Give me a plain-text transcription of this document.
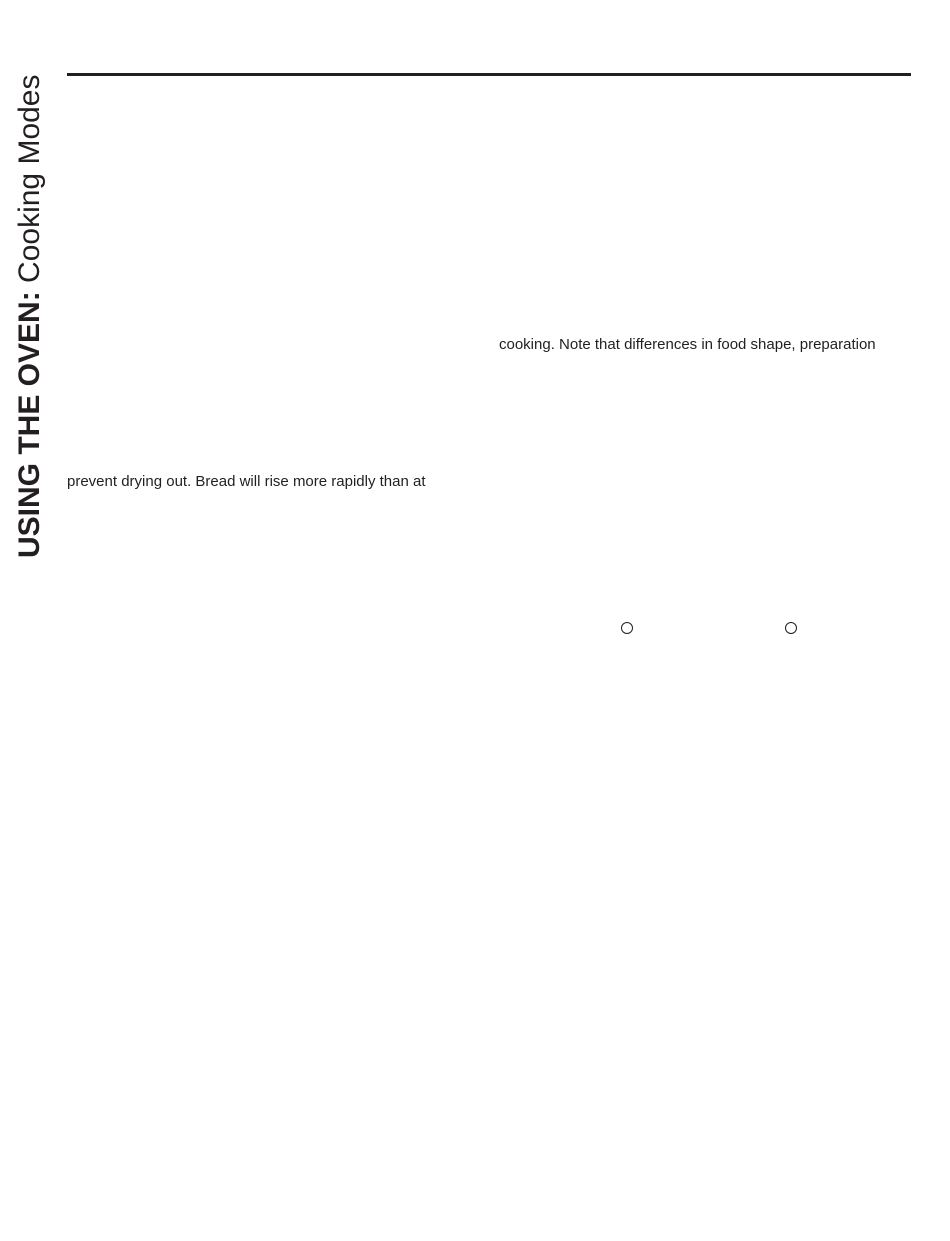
USING THE OVEN: Cooking Modes
cooking. Note that differences in food shape, preparation
prevent drying out. Bread will rise more rapidly than at
